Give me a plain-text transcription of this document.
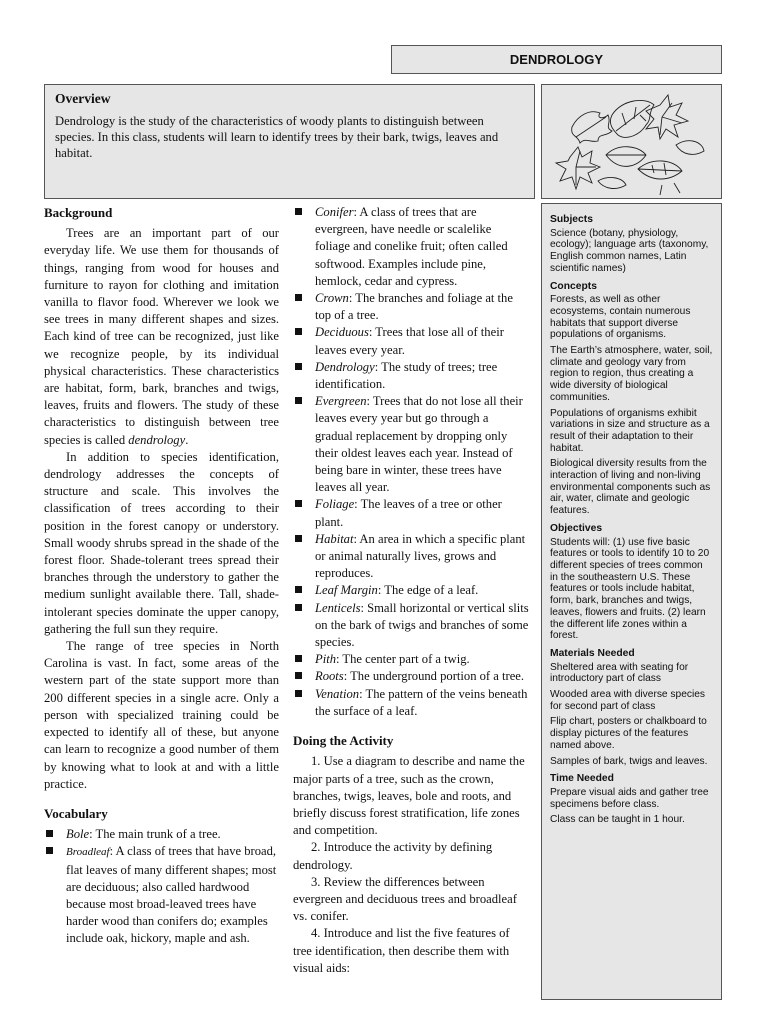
DENDROLOGY
Overview

Dendrology is the study of the characteristics of woody plants to distinguish between species. In this class, students will learn to identify trees by their bark, twigs, leaves and habitat.

Subjects

Science (botany, physiology, ecology); language arts (taxonomy, English common names, Latin scientific names)

Concepts

Forests, as well as other ecosystems, contain numerous habitats that support diverse populations of organisms.

The Earth’s atmosphere, water, soil, climate and geology vary from region to region, thus creating a wide diversity of biological communities.

Populations of organisms exhibit variations in size and structure as a result of their adaptation to their habitat.

Biological diversity results from the interaction of living and non-living environmental components such as air, water, climate and geologic features.

Objectives

Students will: (1) use five basic features or tools to identify 10 to 20 different species of trees common in the southeastern U.S. These features or tools include habitat, form, bark, branches and twigs, leaves, flowers and fruits. (2) learn the different life zones within a forest.

Materials Needed

Sheltered area with seating for introductory part of class

Wooded area with diverse species for second part of class

Flip chart, posters or chalkboard to display pictures of the features named above.

Samples of bark, twigs and leaves.

Time Needed

Prepare visual aids and gather tree specimens before class.

Class can be taught in 1 hour.

Background

Trees are an important part of our everyday life. We use them for thousands of things, ranging from wood for houses and furniture to rayon for clothing and imitation vanilla to flavor food. Wherever we look we see trees in many different shapes and sizes. Each kind of tree can be recognized, just like we recognize people, by its individual physical characteristics. These characteristics are habitat, form, bark, branches and twigs, leaves, fruits and flowers. The study of these characteristics to distinguish between tree species is called dendrology.

In addition to species identification, dendrology addresses the concepts of structure and scale. This involves the classification of trees according to their position in the forest canopy or understory. Small woody shrubs spread in the shade of the forest floor. Shade-tolerant trees spread their branches through the understory to gather the medium sunlight available there. Tall, shade-intolerant species dominate the upper canopy, gathering the full sun they require.

The range of tree species in North Carolina is vast. In fact, some areas of the western part of the state support more than 200 different species in a single acre. Only a person with specialized training could be expected to identify all of these, but anyone can learn to recognize a good number of them by knowing what to look at and with a little practice.

Vocabulary

Bole: The main trunk of a tree.

Broadleaf: A class of trees that have broad, flat leaves of many different shapes; most are deciduous; also called hardwood because most broad-leaved trees have harder wood than conifers do; examples include oak, hickory, maple and ash.

Conifer: A class of trees that are evergreen, have needle or scalelike foliage and conelike fruit; often called softwood. Examples include pine, hemlock, cedar and cypress.

Crown: The branches and foliage at the top of a tree.

Deciduous: Trees that lose all of their leaves every year.

Dendrology: The study of trees; tree identification.

Evergreen: Trees that do not lose all their leaves every year but go through a gradual replacement by dropping only their oldest leaves each year. Instead of being bare in winter, these trees have leaves all year.

Foliage: The leaves of a tree or other plant.

Habitat: An area in which a specific plant or animal naturally lives, grows and reproduces.

Leaf Margin: The edge of a leaf.

Lenticels: Small horizontal or vertical slits on the bark of twigs and branches of some species.

Pith: The center part of a twig.

Roots: The underground portion of a tree.

Venation: The pattern of the veins beneath the surface of a leaf.

Doing the Activity

1. Use a diagram to describe and name the major parts of a tree, such as the crown, branches, twigs, leaves, bole and roots, and briefly discuss forest stratification, life zones and competition.

2. Introduce the activity by defining dendrology.

3. Review the differences between evergreen and deciduous trees and broadleaf vs. conifer.

4. Introduce and list the five features of tree identification, then describe them with visual aids:
